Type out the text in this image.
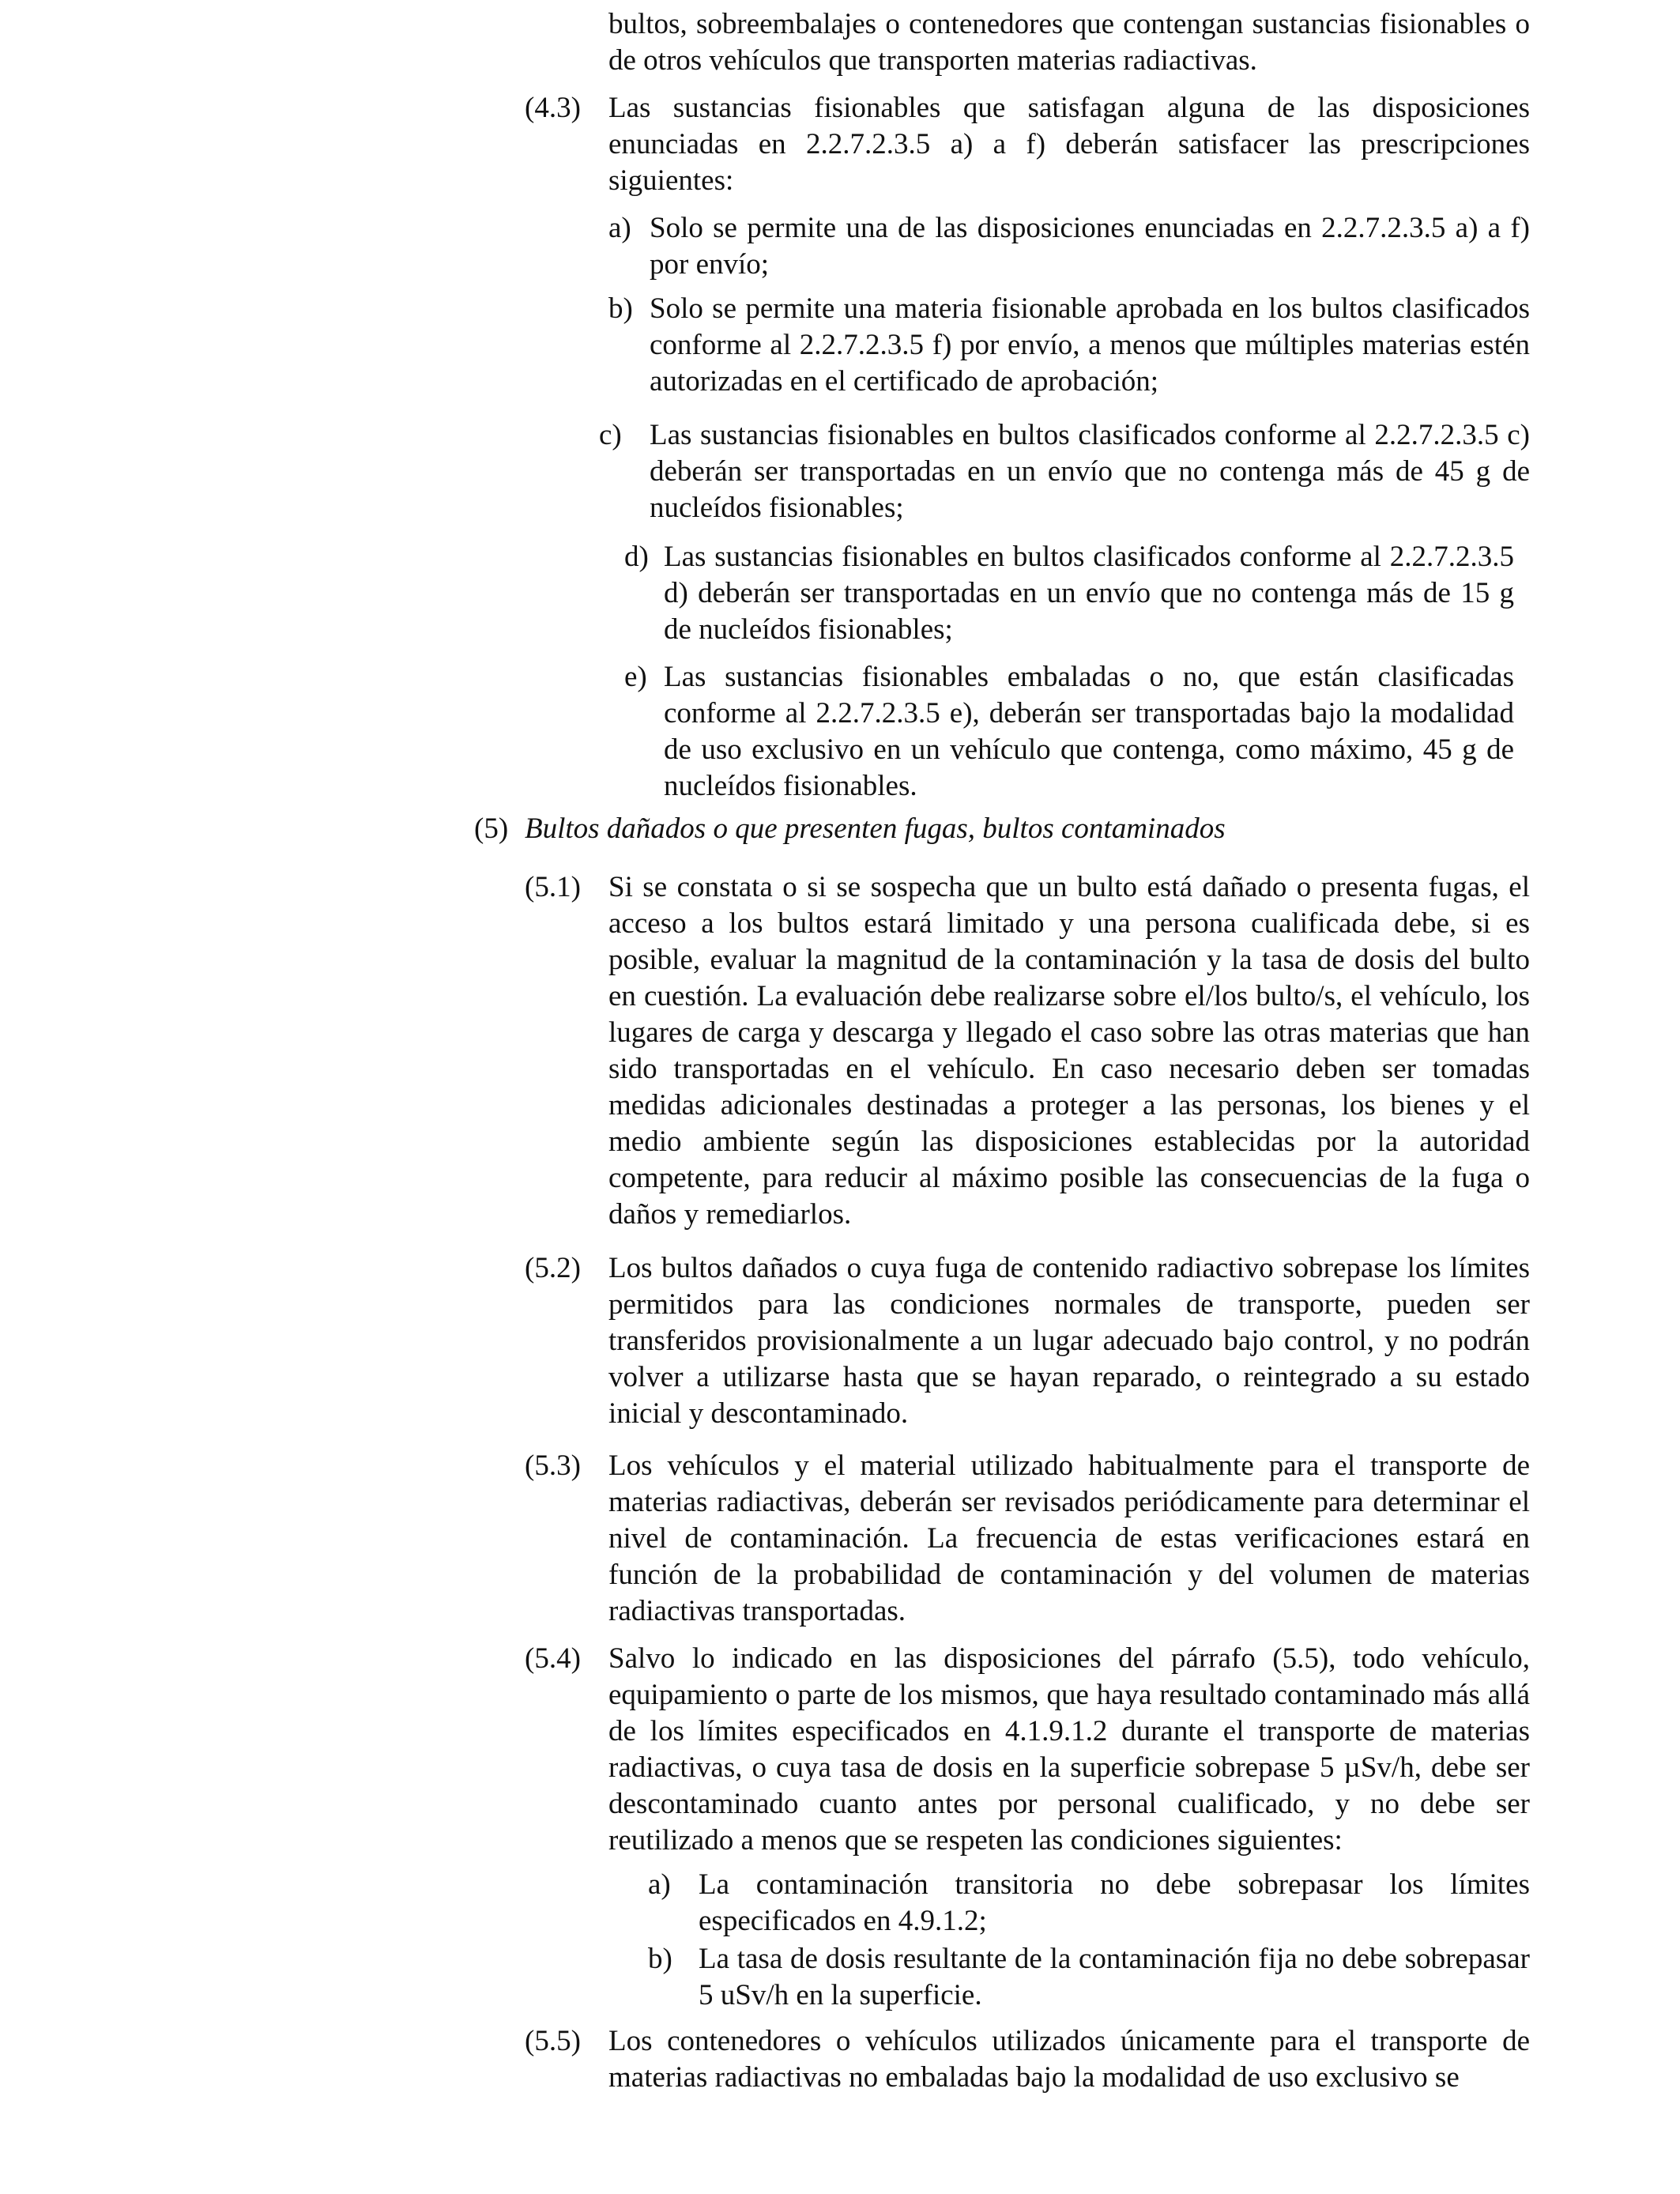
bultos, sobreembalajes o contenedores que contengan sustancias fisionables o de otros vehículos que transporten materias radiactivas.
(4.3) Las sustancias fisionables que satisfagan alguna de las disposiciones enunciadas en 2.2.7.2.3.5 a) a f) deberán satisfacer las prescripciones siguientes:
a) Solo se permite una de las disposiciones enunciadas en 2.2.7.2.3.5 a) a f) por envío;
b) Solo se permite una materia fisionable aprobada en los bultos clasificados conforme al 2.2.7.2.3.5 f) por envío, a menos que múltiples materias estén autorizadas en el certificado de aprobación;
c) Las sustancias fisionables en bultos clasificados conforme al 2.2.7.2.3.5 c) deberán ser transportadas en un envío que no contenga más de 45 g de nucleídos fisionables;
d) Las sustancias fisionables en bultos clasificados conforme al 2.2.7.2.3.5 d) deberán ser transportadas en un envío que no contenga más de 15 g de nucleídos fisionables;
e) Las sustancias fisionables embaladas o no, que están clasificadas conforme al 2.2.7.2.3.5 e), deberán ser transportadas bajo la modalidad de uso exclusivo en un vehículo que contenga, como máximo, 45 g de nucleídos fisionables.
(5) Bultos dañados o que presenten fugas, bultos contaminados
(5.1) Si se constata o si se sospecha que un bulto está dañado o presenta fugas, el acceso a los bultos estará limitado y una persona cualificada debe, si es posible, evaluar la magnitud de la contaminación y la tasa de dosis del bulto en cuestión. La evaluación debe realizarse sobre el/los bulto/s, el vehículo, los lugares de carga y descarga y llegado el caso sobre las otras materias que han sido transportadas en el vehículo. En caso necesario deben ser tomadas medidas adicionales destinadas a proteger a las personas, los bienes y el medio ambiente según las disposiciones establecidas por la autoridad competente, para reducir al máximo posible las consecuencias de la fuga o daños y remediarlos.
(5.2) Los bultos dañados o cuya fuga de contenido radiactivo sobrepase los límites permitidos para las condiciones normales de transporte, pueden ser transferidos provisionalmente a un lugar adecuado bajo control, y no podrán volver a utilizarse hasta que se hayan reparado, o reintegrado a su estado inicial y descontaminado.
(5.3) Los vehículos y el material utilizado habitualmente para el transporte de materias radiactivas, deberán ser revisados periódicamente para determinar el nivel de contaminación. La frecuencia de estas verificaciones estará en función de la probabilidad de contaminación y del volumen de materias radiactivas transportadas.
(5.4) Salvo lo indicado en las disposiciones del párrafo (5.5), todo vehículo, equipamiento o parte de los mismos, que haya resultado contaminado más allá de los límites especificados en 4.1.9.1.2 durante el transporte de materias radiactivas, o cuya tasa de dosis en la superficie sobrepase 5 µSv/h, debe ser descontaminado cuanto antes por personal cualificado, y no debe ser reutilizado a menos que se respeten las condiciones siguientes:
a) La contaminación transitoria no debe sobrepasar los límites especificados en 4.9.1.2;
b) La tasa de dosis resultante de la contaminación fija no debe sobrepasar 5 uSv/h en la superficie.
(5.5) Los contenedores o vehículos utilizados únicamente para el transporte de materias radiactivas no embaladas bajo la modalidad de uso exclusivo se
